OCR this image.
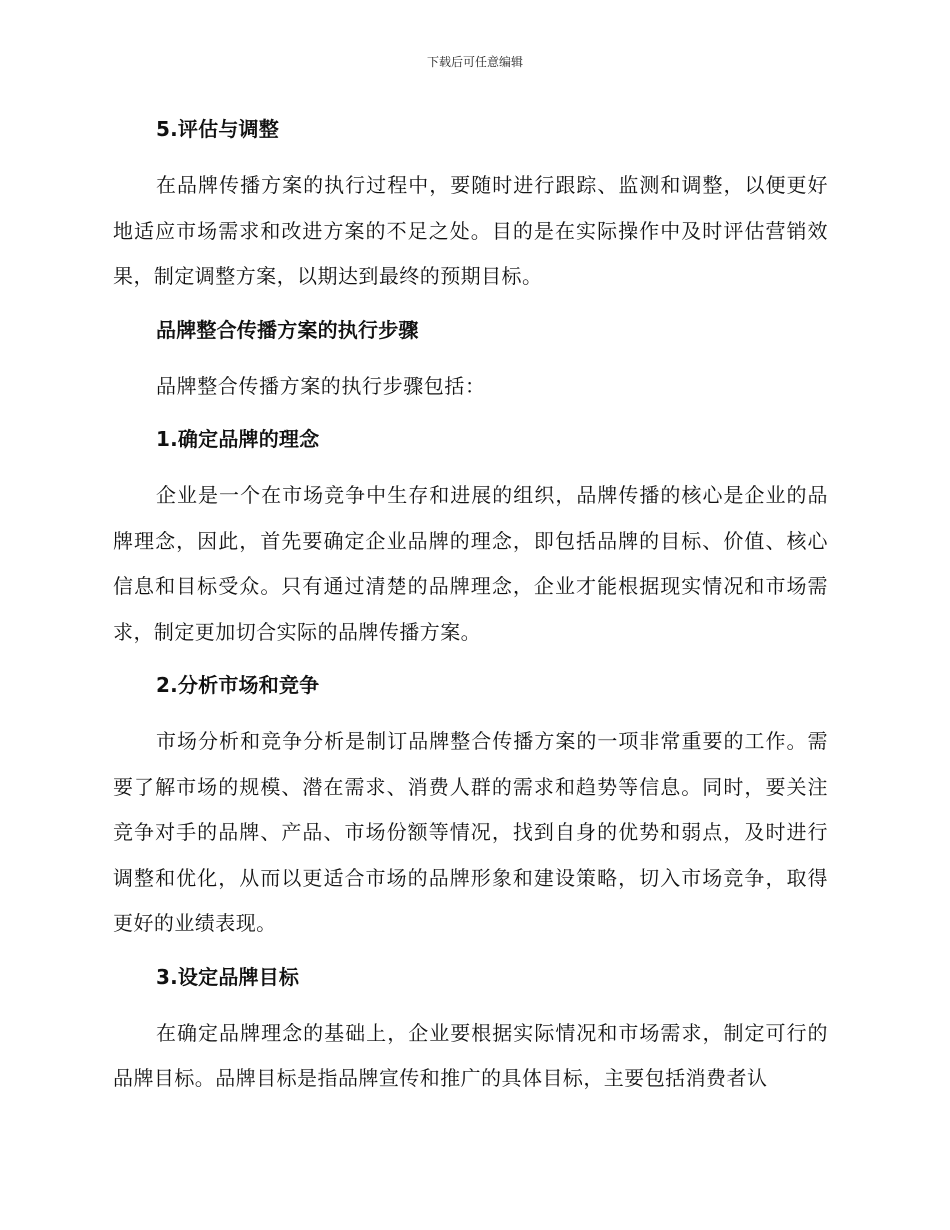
下载后可任意编辑
5.评估与调整

在品牌传播方案的执行过程中，要随时进行跟踪、监测和调整，以便更好地适应市场需求和改进方案的不足之处。目的是在实际操作中及时评估营销效果，制定调整方案，以期达到最终的预期目标。

品牌整合传播方案的执行步骤

品牌整合传播方案的执行步骤包括：

1.确定品牌的理念

企业是一个在市场竞争中生存和进展的组织，品牌传播的核心是企业的品牌理念，因此，首先要确定企业品牌的理念，即包括品牌的目标、价值、核心信息和目标受众。只有通过清楚的品牌理念，企业才能根据现实情况和市场需求，制定更加切合实际的品牌传播方案。

2.分析市场和竞争

市场分析和竞争分析是制订品牌整合传播方案的一项非常重要的工作。需要了解市场的规模、潜在需求、消费人群的需求和趋势等信息。同时，要关注竞争对手的品牌、产品、市场份额等情况，找到自身的优势和弱点，及时进行调整和优化，从而以更适合市场的品牌形象和建设策略，切入市场竞争，取得更好的业绩表现。

3.设定品牌目标

在确定品牌理念的基础上，企业要根据实际情况和市场需求，制定可行的品牌目标。品牌目标是指品牌宣传和推广的具体目标，主要包括消费者认
